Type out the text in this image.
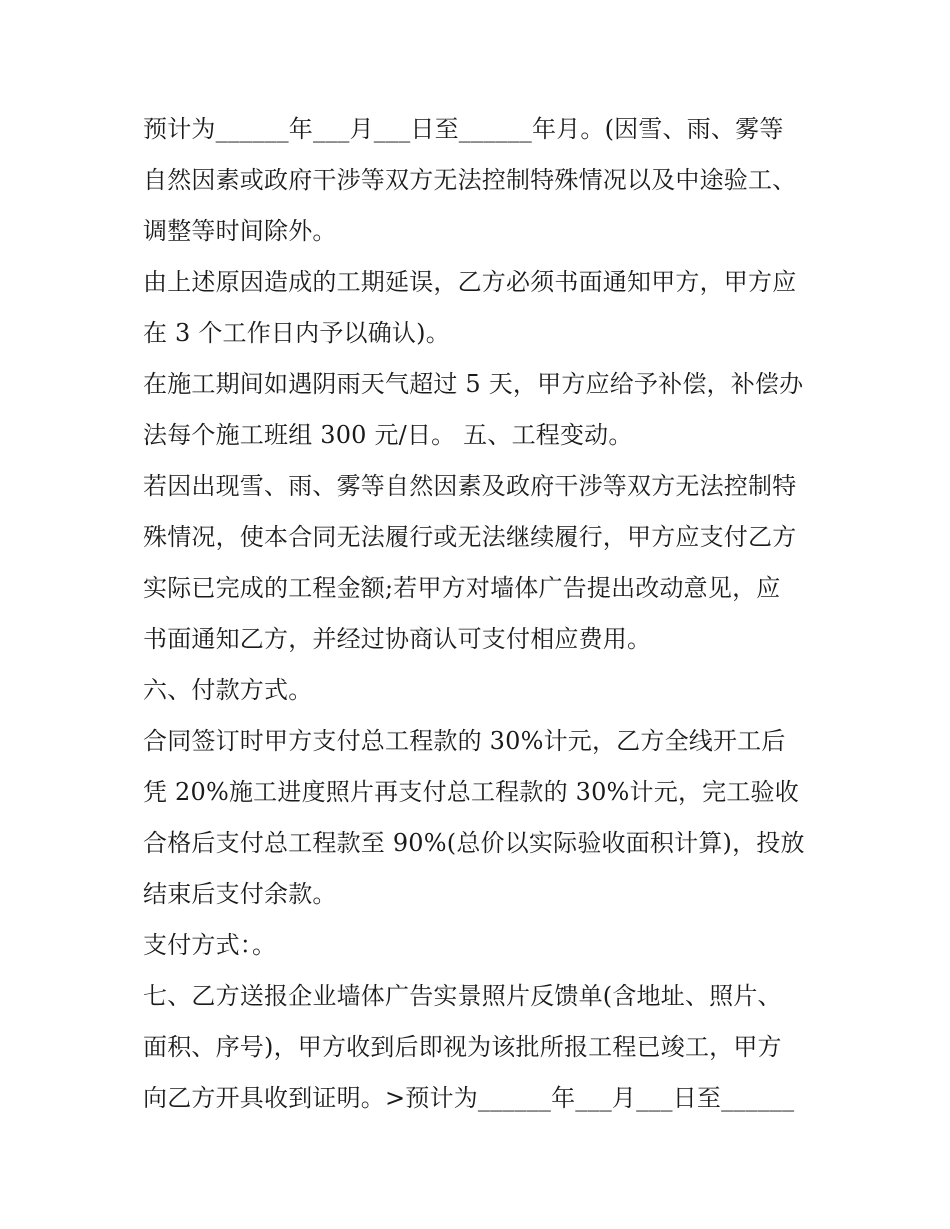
预计为______年___月___日至______年月。(因雪、雨、雾等
自然因素或政府干涉等双方无法控制特殊情况以及中途验工、
调整等时间除外。
由上述原因造成的工期延误，乙方必须书面通知甲方，甲方应
在 3 个工作日内予以确认)。
在施工期间如遇阴雨天气超过 5 天，甲方应给予补偿，补偿办
法每个施工班组 300 元/日。 五、工程变动。
若因出现雪、雨、雾等自然因素及政府干涉等双方无法控制特
殊情况，使本合同无法履行或无法继续履行，甲方应支付乙方
实际已完成的工程金额;若甲方对墙体广告提出改动意见，应
书面通知乙方，并经过协商认可支付相应费用。
六、付款方式。
合同签订时甲方支付总工程款的 30%计元，乙方全线开工后
凭 20%施工进度照片再支付总工程款的 30%计元，完工验收
合格后支付总工程款至 90%(总价以实际验收面积计算)，投放
结束后支付余款。
支付方式：。
七、乙方送报企业墙体广告实景照片反馈单(含地址、照片、
面积、序号)，甲方收到后即视为该批所报工程已竣工，甲方
向乙方开具收到证明。>预计为______年___月___日至______
